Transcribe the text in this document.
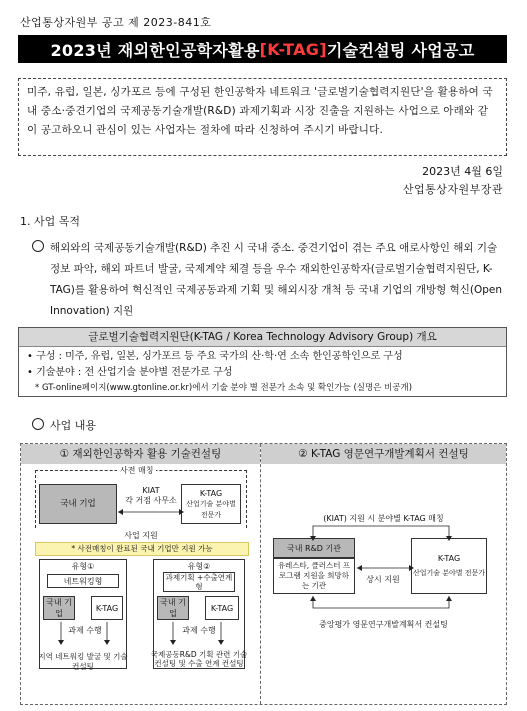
산업통상자원부 공고 제 2023-841호
2023년 재외한인공학자활용 [K-TAG] 기술컨설팅 사업공고
미주, 유럽, 일본, 싱가포르 등에 구성된 한인공학자 네트워크 '글로벌기술협력지원단'을 활용하여 국내 중소·중견기업의 국제공동기술개발(R&D) 과제기획과 시장 진출을 지원하는 사업으로 아래와 같이 공고하오니 관심이 있는 사업자는 절차에 따라 신청하여 주시기 바랍니다.
2023년 4월 6일
산업통상자원부장관
1. 사업 목적
해외와의 국제공동기술개발(R&D) 추진 시 국내 중소. 중견기업이 겪는 주요 애로사항인 해외 기술정보 파악, 해외 파트너 발굴, 국제계약 체결 등을 우수 재외한인공학자(글로벌기술협력지원단, K-TAG)를 활용하여 혁신적인 국제공동과제 기획 및 해외시장 개척 등 국내 기업의 개방형 혁신(Open Innovation) 지원
글로벌기술협력지원단(K-TAG / Korea Technology Advisory Group) 개요
• 구성 : 미주, 유럽, 일본, 싱가포르 등 주요 국가의 산·학·연 소속 한인공학인으로 구성
• 기술분야 : 전 산업기술 분야별 전문가로 구성
* GT-online페이지(www.gtonline.or.kr)에서 기술 분야 별 전문가 소속 및 확인가능 (실명은 비공개)
사업 내용
① 재외한인공학자 활용 기술컨설팅
사전 매칭
국내 기업
KIAT
각 거점 사무소
K-TAG
산업기술 분야별 전문가
사업 지원
* 사전매칭이 완료된 국내 기업만 지원 가능
유형①
네트워킹형
국내 기업
K-TAG
과제 수행
지역 네트워킹 발굴 및 기술 컨설팅
유형②
과제기획 +수출연계형
국내 기업
K-TAG
과제 수행
국제공동R&D 기획 관련 기술 컨설팅 및 수출 연계 컨설팅
② K-TAG 영문연구개발계획서 컨설팅
(KIAT) 지원 시 분야별 K-TAG 매칭
국내 R&D 기관
유레스타, 클러스터 프로그램 지원을 희망하는 기관
K-TAG
산업기술 분야별 전문가
상시 지원
중앙평가 영문연구개발계획서 컨설팅
